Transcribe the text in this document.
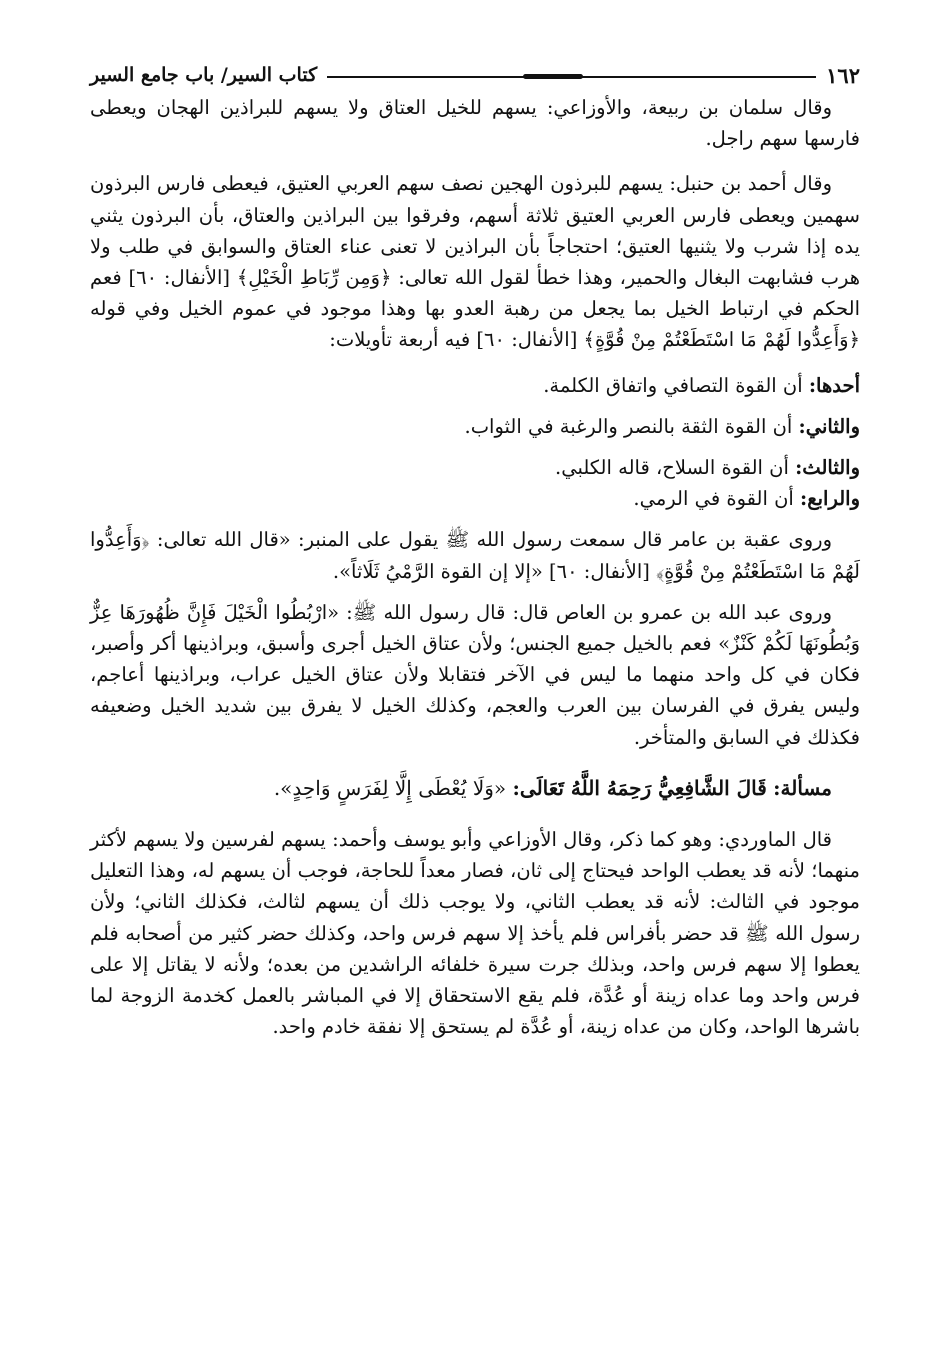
١٦٢
كتاب السير/ باب جامع السير

وقال سلمان بن ربيعة، والأوزاعي: يسهم للخيل العتاق ولا يسهم للبراذين الهجان ويعطى فارسها سهم راجل.

وقال أحمد بن حنبل: يسهم للبرذون الهجين نصف سهم العربي العتيق، فيعطى فارس البرذون سهمين ويعطى فارس العربي العتيق ثلاثة أسهم، وفرقوا بين البراذين والعتاق، بأن البرذون يثني يده إذا شرب ولا يثنيها العتيق؛ احتجاجاً بأن البراذين لا تعنى عناء العتاق والسوابق في طلب ولا هرب فشابهت البغال والحمير، وهذا خطأ لقول الله تعالى: ﴿وَمِن رِّبَاطِ الْخَيْلِ﴾ [الأنفال: ٦٠] فعم الحكم في ارتباط الخيل بما يجعل من رهبة العدو بها وهذا موجود في عموم الخيل وفي قوله ﴿وَأَعِدُّوا لَهُمْ مَا اسْتَطَعْتُمْ مِنْ قُوَّةٍ﴾ [الأنفال: ٦٠] فيه أربعة تأويلات:

أحدها: أن القوة التصافي واتفاق الكلمة.

والثاني: أن القوة الثقة بالنصر والرغبة في الثواب.

والثالث: أن القوة السلاح، قاله الكلبي.

والرابع: أن القوة في الرمي.

وروى عقبة بن عامر قال سمعت رسول الله ﷺ يقول على المنبر: «قال الله تعالى: ﴿وَأَعِدُّوا لَهُمْ مَا اسْتَطَعْتُمْ مِنْ قُوَّةٍ﴾ [الأنفال: ٦٠] «إلا إن القوة الرَّمْيُ ثَلَاثاً».

وروى عبد الله بن عمرو بن العاص قال: قال رسول الله ﷺ: «ارْبُطُوا الْخَيْلَ فَإِنَّ ظُهُورَهَا عِزٌّ وَبُطُونَهَا لَكُمْ كَنْزٌ» فعم بالخيل جميع الجنس؛ ولأن عتاق الخيل أجرى وأسبق، وبراذينها أكر وأصبر، فكان في كل واحد منهما ما ليس في الآخر فتقابلا ولأن عتاق الخيل عراب، وبراذينها أعاجم، وليس يفرق في الفرسان بين العرب والعجم، وكذلك الخيل لا يفرق بين شديد الخيل وضعيفه فكذلك في السابق والمتأخر.

مسألة: قَالَ الشَّافِعِيُّ رَحِمَهُ اللَّهُ تَعَالَى: «وَلَا يُعْطَى إِلَّا لِفَرَسٍ وَاحِدٍ».

قال الماوردي: وهو كما ذكر، وقال الأوزاعي وأبو يوسف وأحمد: يسهم لفرسين ولا يسهم لأكثر منهما؛ لأنه قد يعطب الواحد فيحتاج إلى ثان، فصار معداً للحاجة، فوجب أن يسهم له، وهذا التعليل موجود في الثالث: لأنه قد يعطب الثاني، ولا يوجب ذلك أن يسهم لثالث، فكذلك الثاني؛ ولأن رسول الله ﷺ قد حضر بأفراس فلم يأخذ إلا سهم فرس واحد، وكذلك حضر كثير من أصحابه فلم يعطوا إلا سهم فرس واحد، وبذلك جرت سيرة خلفائه الراشدين من بعده؛ ولأنه لا يقاتل إلا على فرس واحد وما عداه زينة أو عُدَّة، فلم يقع الاستحقاق إلا في المباشر بالعمل كخدمة الزوجة لما باشرها الواحد، وكان من عداه زينة، أو عُدَّة لم يستحق إلا نفقة خادم واحد.
